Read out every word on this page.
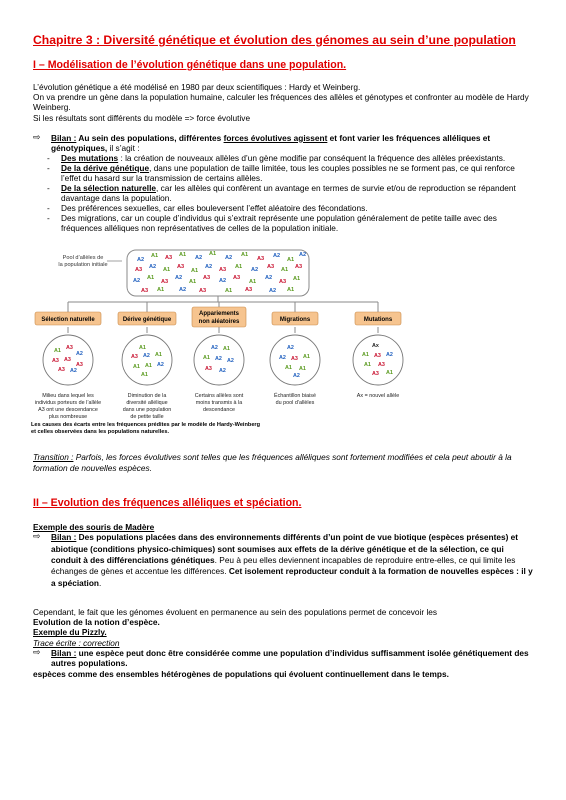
Chapitre 3 : Diversité génétique et évolution des génomes au sein d’une population
I – Modélisation de l’évolution génétique dans une population.

L’évolution génétique a été modélisé en 1980 par deux scientifiques : Hardy et Weinberg.

On va prendre un gène dans la population humaine, calculer les fréquences des allèles et génotypes et confronter au modèle de Hardy Weinberg.

Si les résultats sont différents du modèle => force évolutive

⇨ Bilan : Au sein des populations, différentes forces évolutives agissent et font varier les fréquences alléliques et génotypiques, il s’agit :

- Des mutations : la création de nouveaux allèles d’un gène modifie par conséquent la fréquence des allèles préexistants.
- De la dérive génétique, dans une population de taille limitée, tous les couples possibles ne se forment pas, ce qui renforce l’effet du hasard sur la transmission de certains allèles.
- De la sélection naturelle, car les allèles qui confèrent un avantage en termes de survie et/ou de reproduction se répandent davantage dans la population.
- Des préférences sexuelles, car elles bouleversent l’effet aléatoire des fécondations.
- Des migrations, car un couple d’individus qui s’extrait représente une population généralement de petite taille avec des fréquences alléliques non représentatives de celles de la population initiale.
Pool d’allèles de
la population initiale
A2
A1 A3 A1 A2
A1
A2 A1
A3 A2
A1
A2
A3 A2 A1 A3
A1
A2 A3 A1 A2 A3 A1 A3
A2 A1
A3
A2
A1
A3 A2 A3
A1
A2
A3 A1
A3 A1	A2 A3	A1 A3	A2 A1
Sélection naturelle	Dérive génétique
Appariements
non aléatoires	Migrations	Mutations
A1 A3
A2
A3 A3
A3
A3 A2
A1
A3 A2 A1
A1 A1 A2
A1
A2 A1
A1 A2 A2
A3 A2
A2
A2 A3 A1
A1 A1
A2
Ax
A1 A3 A2
A1 A3
A3 A1
Milieu dans lequel les
individus porteurs de l’allèle
A3 ont une descendance
plus nombreuse
Diminution de la
diversité allélique
dans une population
de petite taille
Certains allèles sont
moins transmis à la
descendance
Échantillon biaisé
du pool d’allèles
Ax = nouvel allèle
Les causes des écarts entre les fréquences prédites par le modèle de Hardy-Weinberg
et celles observées dans les populations naturelles.

Transition : Parfois, les forces évolutives sont telles que les fréquences alléliques sont fortement modifiées et cela peut aboutir à la formation de nouvelles espèces.

II – Evolution des fréquences alléliques et spéciation.

Exemple des souris de Madère

⇨ Bilan : Des populations placées dans des environnements différents d’un point de vue biotique (espèces présentes) et abiotique (conditions physico-chimiques) sont soumises aux effets de la dérive génétique et de la sélection, ce qui conduit à des différenciations génétiques. Peu à peu elles deviennent incapables de reproduire entre-elles, ce qui limite les échanges de gènes et accentue les différences. Cet isolement reproducteur conduit à la formation de nouvelles espèces : il y a spéciation.

Cependant, le fait que les génomes évoluent en permanence au sein des populations permet de concevoir les

Evolution de la notion d’espèce.

Exemple du Pizzly.

Trace écrite : correction

⇨ Bilan : une espèce peut donc être considérée comme une population d’individus suffisamment isolée génétiquement des autres populations.

espèces comme des ensembles hétérogènes de populations qui évoluent continuellement dans le temps.
